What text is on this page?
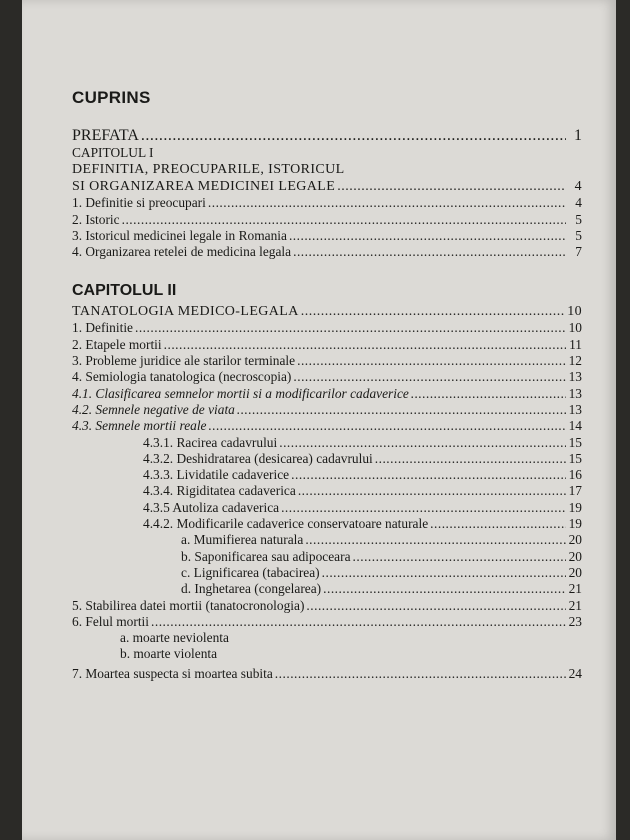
CUPRINS
PREFATA .....	1
CAPITOLUL I
DEFINITIA, PREOCUPARILE, ISTORICUL
SI ORGANIZAREA MEDICINEI LEGALE .....	4
1. Definitie si preocupari .....	4
2. Istoric .....	5
3. Istoricul medicinei legale in Romania .....	5
4. Organizarea retelei de medicina legala .....	7
CAPITOLUL II
TANATOLOGIA MEDICO-LEGALA .....	10
1. Definitie .....	10
2. Etapele mortii .....	11
3. Probleme juridice ale starilor terminale .....	12
4. Semiologia tanatologica (necroscopia) .....	13
4.1. Clasificarea semnelor mortii si a modificarilor cadaverice .....	13
4.2. Semnele negative de viata .....	13
4.3. Semnele mortii reale .....	14
4.3.1. Racirea cadavrului .....	15
4.3.2. Deshidratarea (desicarea) cadavrului .....	15
4.3.3. Lividatile cadaverice .....	16
4.3.4. Rigiditatea cadaverica .....	17
4.3.5 Autoliza cadaverica .....	19
4.4.2. Modificarile cadaverice conservatoare naturale .....	19
a. Mumifierea naturala .....	20
b. Saponificarea sau adipoceara .....	20
c. Lignificarea (tabacirea) .....	20
d. Inghetarea (congelarea) .....	21
5. Stabilirea datei mortii (tanatocronologia) .....	21
6. Felul mortii .....	23
a. moarte neviolenta
b. moarte violenta
7. Moartea suspecta si moartea subita .....	24
